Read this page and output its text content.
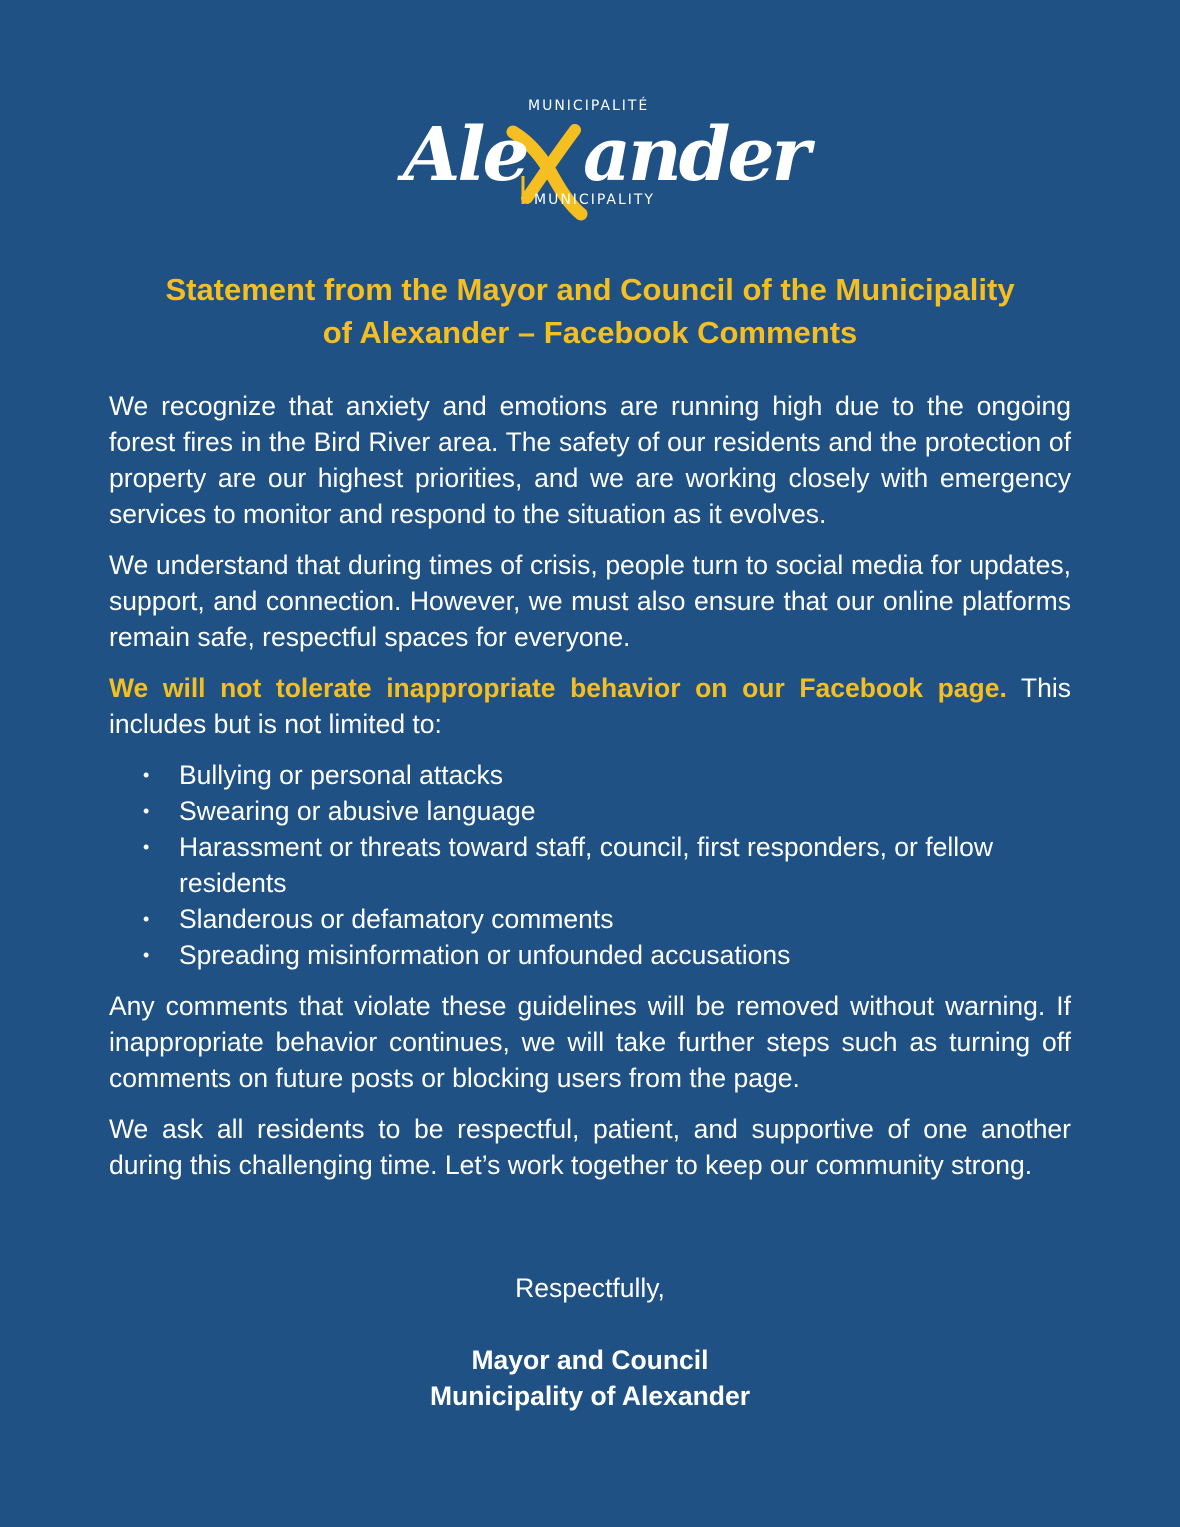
Ale ander
MUNICIPALITÉ
MUNICIPALITY
Statement from the Mayor and Council of the Municipality
of Alexander – Facebook Comments

We recognize that anxiety and emotions are running high due to the ongoing forest fires in the Bird River area. The safety of our residents and the protection of property are our highest priorities, and we are working closely with emergency services to monitor and respond to the situation as it evolves.

We understand that during times of crisis, people turn to social media for updates, support, and connection. However, we must also ensure that our online platforms remain safe, respectful spaces for everyone.

We will not tolerate inappropriate behavior on our Facebook page. This includes but is not limited to:

• Bullying or personal attacks
• Swearing or abusive language
• Harassment or threats toward staff, council, first responders, or fellow residents
• Slanderous or defamatory comments
• Spreading misinformation or unfounded accusations

Any comments that violate these guidelines will be removed without warning. If inappropriate behavior continues, we will take further steps such as turning off comments on future posts or blocking users from the page.

We ask all residents to be respectful, patient, and supportive of one another during this challenging time. Let’s work together to keep our community strong.

Respectfully,
Mayor and Council
Municipality of Alexander
